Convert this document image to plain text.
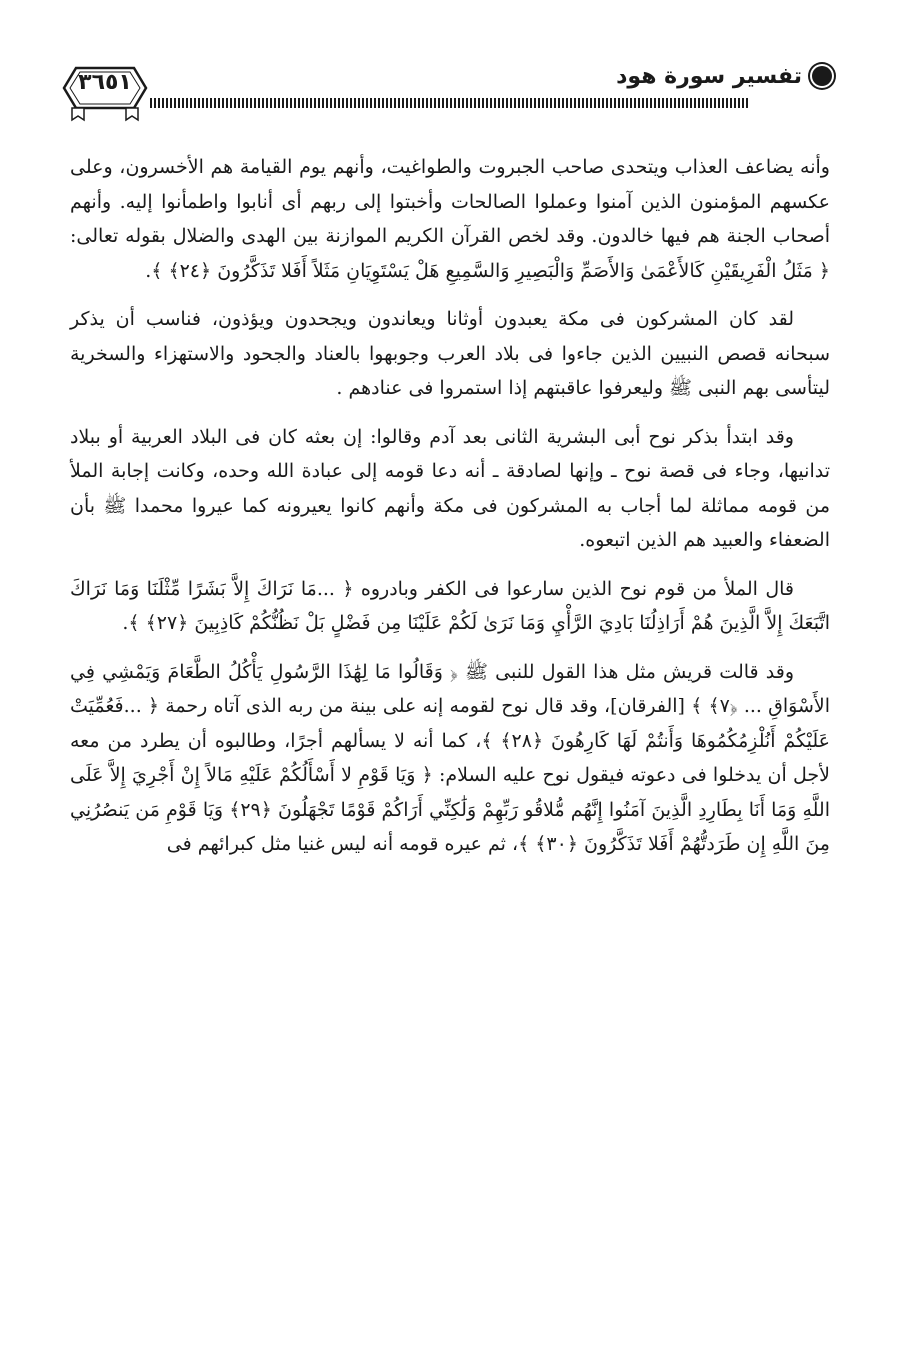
٣٦٥١	تفسير سورة هود

وأنه يضاعف العذاب ويتحدى صاحب الجبروت والطواغيت، وأنهم يوم القيامة هم الأخسرون، وعلى عكسهم المؤمنون الذين آمنوا وعملوا الصالحات وأخبتوا إلى ربهم أى أنابوا واطمأنوا إليه. وأنهم أصحاب الجنة هم فيها خالدون. وقد لخص القرآن الكريم الموازنة بين الهدى والضلال بقوله تعالى: ﴿ مَثَلُ الْفَرِيقَيْنِ كَالأَعْمَىٰ وَالأَصَمِّ وَالْبَصِيرِ وَالسَّمِيعِ هَلْ يَسْتَوِيَانِ مَثَلاً أَفَلا تَذَكَّرُونَ ﴿٢٤﴾ ﴾.

لقد كان المشركون فى مكة يعبدون أوثانا ويعاندون ويجحدون ويؤذون، فناسب أن يذكر سبحانه قصص النبيين الذين جاءوا فى بلاد العرب وجوبهوا بالعناد والجحود والاستهزاء والسخرية ليتأسى بهم النبى ﷺ وليعرفوا عاقبتهم إذا استمروا فى عنادهم .

وقد ابتدأ بذكر نوح أبى البشرية الثانى بعد آدم وقالوا: إن بعثه كان فى البلاد العربية أو ببلاد تدانيها، وجاء فى قصة نوح ـ وإنها لصادقة ـ أنه دعا قومه إلى عبادة الله وحده، وكانت إجابة الملأ من قومه مماثلة لما أجاب به المشركون فى مكة وأنهم كانوا يعيرونه كما عيروا محمدا ﷺ بأن الضعفاء والعبيد هم الذين اتبعوه.

قال الملأ من قوم نوح الذين سارعوا فى الكفر وبادروه ﴿ ...مَا نَرَاكَ إِلاَّ بَشَرًا مِّثْلَنَا وَمَا نَرَاكَ اتَّبَعَكَ إِلاَّ الَّذِينَ هُمْ أَرَاذِلُنَا بَادِيَ الرَّأْيِ وَمَا نَرَىٰ لَكُمْ عَلَيْنَا مِن فَضْلٍ بَلْ نَظُنُّكُمْ كَاذِبِينَ ﴿٢٧﴾ ﴾.

وقد قالت قريش مثل هذا القول للنبى ﷺ ﴿ وَقَالُوا مَا لِهَٰذَا الرَّسُولِ يَأْكُلُ الطَّعَامَ وَيَمْشِي فِي الأَسْوَاقِ ... ﴿٧﴾ ﴾ [الفرقان]، وقد قال نوح لقومه إنه على بينة من ربه الذى آتاه رحمة ﴿ ...فَعُمِّيَتْ عَلَيْكُمْ أَنُلْزِمُكُمُوهَا وَأَنتُمْ لَهَا كَارِهُونَ ﴿٢٨﴾ ﴾، كما أنه لا يسألهم أجرًا، وطالبوه أن يطرد من معه لأجل أن يدخلوا فى دعوته فيقول نوح عليه السلام: ﴿ وَيَا قَوْمِ لا أَسْأَلُكُمْ عَلَيْهِ مَالاً إِنْ أَجْرِيَ إِلاَّ عَلَى اللَّهِ وَمَا أَنَا بِطَارِدِ الَّذِينَ آمَنُوا إِنَّهُم مُّلاقُو رَبِّهِمْ وَلَٰكِنِّي أَرَاكُمْ قَوْمًا تَجْهَلُونَ ﴿٢٩﴾ وَيَا قَوْمِ مَن يَنصُرُنِي مِنَ اللَّهِ إِن طَرَدتُّهُمْ أَفَلا تَذَكَّرُونَ ﴿٣٠﴾ ﴾، ثم عيره قومه أنه ليس غنيا مثل كبرائهم فى
